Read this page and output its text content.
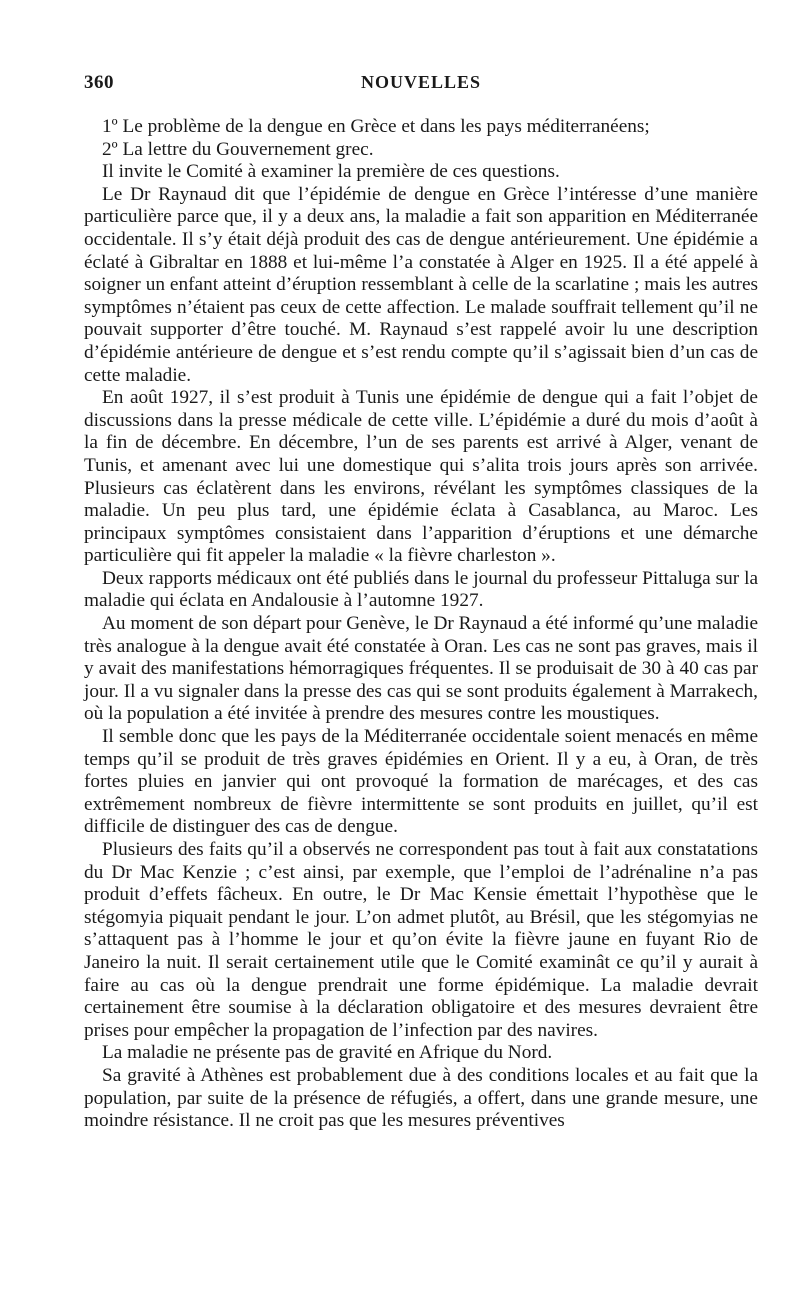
360	NOUVELLES

1º Le problème de la dengue en Grèce et dans les pays méditerranéens;

2º La lettre du Gouvernement grec.

Il invite le Comité à examiner la première de ces questions.

Le Dr Raynaud dit que l’épidémie de dengue en Grèce l’intéresse d’une manière particulière parce que, il y a deux ans, la maladie a fait son apparition en Méditerranée occidentale. Il s’y était déjà produit des cas de dengue antérieurement. Une épidémie a éclaté à Gibraltar en 1888 et lui-même l’a constatée à Alger en 1925. Il a été appelé à soigner un enfant atteint d’éruption ressemblant à celle de la scarlatine ; mais les autres symptômes n’étaient pas ceux de cette affection. Le malade souffrait tellement qu’il ne pouvait supporter d’être touché. M. Raynaud s’est rappelé avoir lu une description d’épidémie antérieure de dengue et s’est rendu compte qu’il s’agissait bien d’un cas de cette maladie.

En août 1927, il s’est produit à Tunis une épidémie de dengue qui a fait l’objet de discussions dans la presse médicale de cette ville. L’épidémie a duré du mois d’août à la fin de décembre. En décembre, l’un de ses parents est arrivé à Alger, venant de Tunis, et amenant avec lui une domestique qui s’alita trois jours après son arrivée. Plusieurs cas éclatèrent dans les environs, révélant les symptômes classiques de la maladie. Un peu plus tard, une épidémie éclata à Casablanca, au Maroc. Les principaux symptômes consistaient dans l’apparition d’éruptions et une démarche particulière qui fit appeler la maladie « la fièvre charleston ».

Deux rapports médicaux ont été publiés dans le journal du professeur Pittaluga sur la maladie qui éclata en Andalousie à l’automne 1927.

Au moment de son départ pour Genève, le Dr Raynaud a été informé qu’une maladie très analogue à la dengue avait été constatée à Oran. Les cas ne sont pas graves, mais il y avait des manifestations hémorragiques fréquentes. Il se produisait de 30 à 40 cas par jour. Il a vu signaler dans la presse des cas qui se sont produits également à Marrakech, où la population a été invitée à prendre des mesures contre les moustiques.

Il semble donc que les pays de la Méditerranée occidentale soient menacés en même temps qu’il se produit de très graves épidémies en Orient. Il y a eu, à Oran, de très fortes pluies en janvier qui ont provoqué la formation de marécages, et des cas extrêmement nombreux de fièvre intermittente se sont produits en juillet, qu’il est difficile de distinguer des cas de dengue.

Plusieurs des faits qu’il a observés ne correspondent pas tout à fait aux constatations du Dr Mac Kenzie ; c’est ainsi, par exemple, que l’emploi de l’adrénaline n’a pas produit d’effets fâcheux. En outre, le Dr Mac Kensie émettait l’hypothèse que le stégomyia piquait pendant le jour. L’on admet plutôt, au Brésil, que les stégomyias ne s’attaquent pas à l’homme le jour et qu’on évite la fièvre jaune en fuyant Rio de Janeiro la nuit. Il serait certainement utile que le Comité examinât ce qu’il y aurait à faire au cas où la dengue prendrait une forme épidémique. La maladie devrait certainement être soumise à la déclaration obligatoire et des mesures devraient être prises pour empêcher la propagation de l’infection par des navires.

La maladie ne présente pas de gravité en Afrique du Nord.

Sa gravité à Athènes est probablement due à des conditions locales et au fait que la population, par suite de la présence de réfugiés, a offert, dans une grande mesure, une moindre résistance. Il ne croit pas que les mesures préventives
